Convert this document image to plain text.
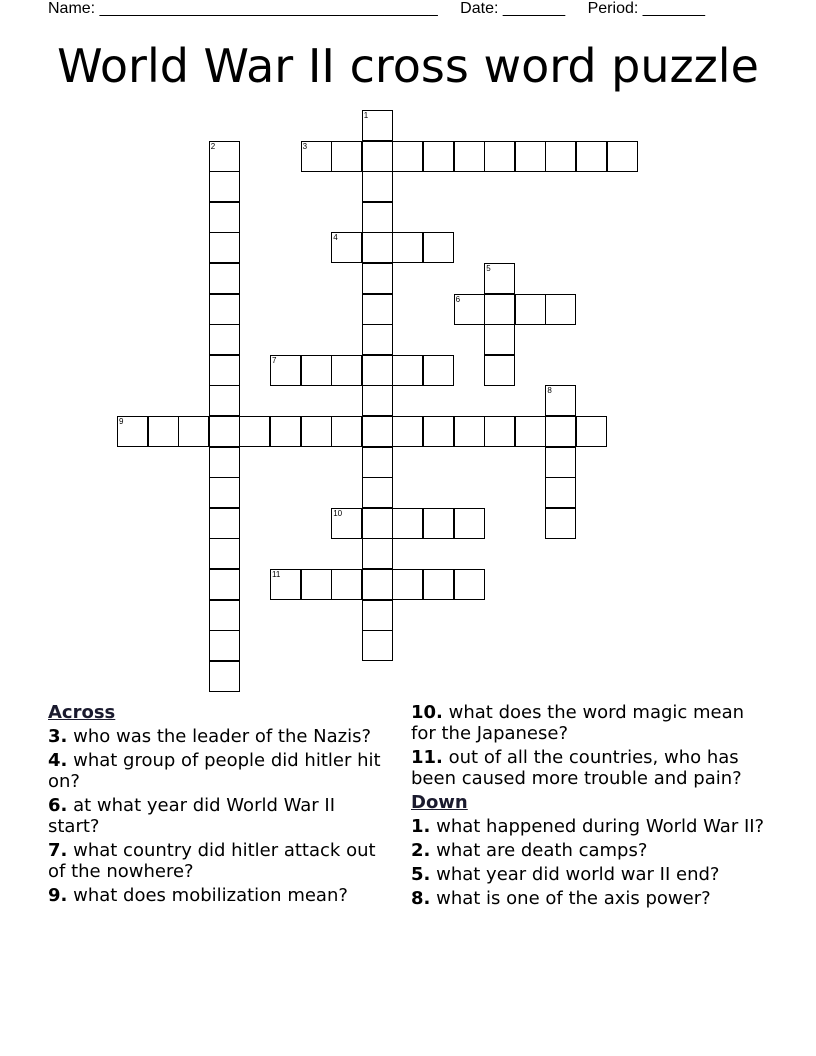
Name: ______________________________________ Date: _______ Period: _______
World War II cross word puzzle
1
2	3
4
5
6
7
8
9
10
11
Across
3. who was the leader of the Nazis?
4. what group of people did hitler hit on?
6. at what year did World War II start?
7. what country did hitler attack out of the nowhere?
9. what does mobilization mean?
10. what does the word magic mean for the Japanese?
11. out of all the countries, who has been caused more trouble and pain?
Down
1. what happened during World War II?
2. what are death camps?
5. what year did world war II end?
8. what is one of the axis power?
